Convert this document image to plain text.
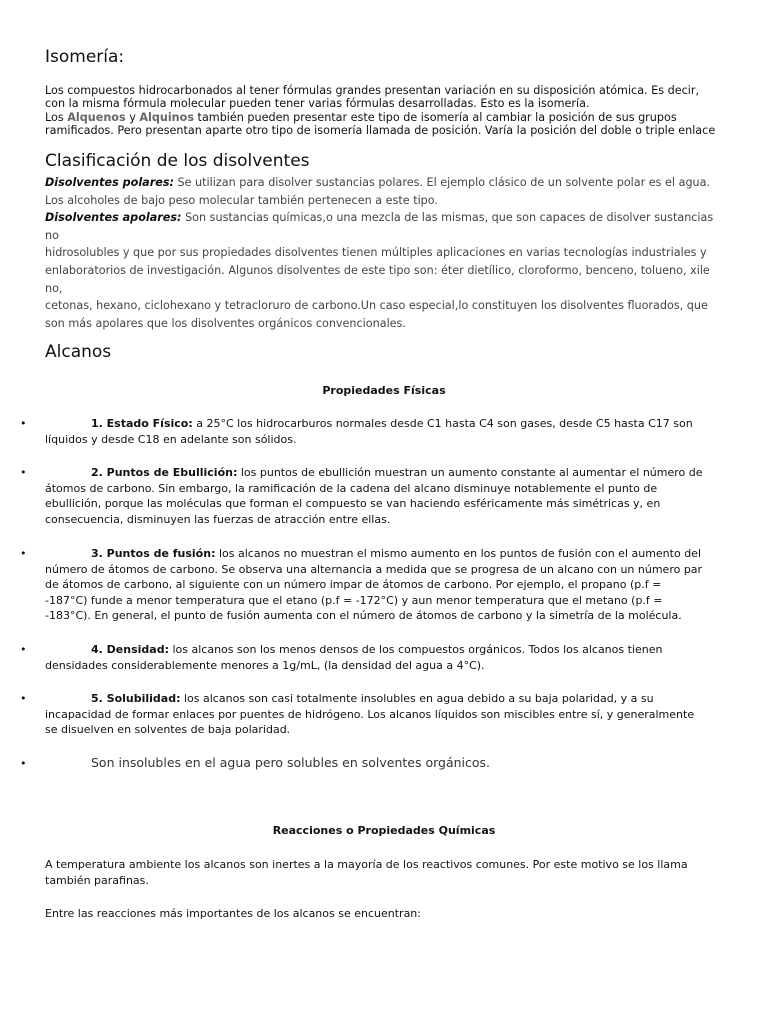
Isomería:
Los compuestos hidrocarbonados al tener fórmulas grandes presentan variación en su disposición atómica. Es decir,
con la misma fórmula molecular pueden tener varias fórmulas desarrolladas. Esto es la isomería.
Los Alquenos y Alquinos también pueden presentar este tipo de isomería al cambiar la posición de sus grupos
ramificados. Pero presentan aparte otro tipo de isomería llamada de posición. Varía la posición del doble o triple enlace
Clasificación de los disolventes
Disolventes polares: Se utilizan para disolver sustancias polares. El ejemplo clásico de un solvente polar es el agua.
Los alcoholes de bajo peso molecular también pertenecen a este tipo.
Disolventes apolares: Son sustancias químicas,o una mezcla de las mismas, que son capaces de disolver sustancias
no
hidrosolubles y que por sus propiedades disolventes tienen múltiples aplicaciones en varias tecnologías industriales y
enlaboratorios de investigación. Algunos disolventes de este tipo son: éter dietílico, cloroformo, benceno, tolueno, xile
no,
cetonas, hexano, ciclohexano y tetracloruro de carbono.Un caso especial,lo constituyen los disolventes fluorados, que
son más apolares que los disolventes orgánicos convencionales.
Alcanos
Propiedades Físicas
•	1. Estado Físico: a 25°C los hidrocarburos normales desde C1 hasta C4 son gases, desde C5 hasta C17 son
líquidos y desde C18 en adelante son sólidos.
•	2. Puntos de Ebullición: los puntos de ebullición muestran un aumento constante al aumentar el número de
átomos de carbono. Sin embargo, la ramificación de la cadena del alcano disminuye notablemente el punto de
ebullición, porque las moléculas que forman el compuesto se van haciendo esféricamente más simétricas y, en
consecuencia, disminuyen las fuerzas de atracción entre ellas.
•	3. Puntos de fusión: los alcanos no muestran el mismo aumento en los puntos de fusión con el aumento del
número de átomos de carbono. Se observa una alternancia a medida que se progresa de un alcano con un número par
de átomos de carbono, al siguiente con un número impar de átomos de carbono. Por ejemplo, el propano (p.f =
-187°C) funde a menor temperatura que el etano (p.f = -172°C) y aun menor temperatura que el metano (p.f =
-183°C). En general, el punto de fusión aumenta con el número de átomos de carbono y la simetría de la molécula.
•	4. Densidad: los alcanos son los menos densos de los compuestos orgánicos. Todos los alcanos tienen
densidades considerablemente menores a 1g/mL, (la densidad del agua a 4°C).
•	5. Solubilidad: los alcanos son casi totalmente insolubles en agua debido a su baja polaridad, y a su
incapacidad de formar enlaces por puentes de hidrógeno. Los alcanos líquidos son miscibles entre sí, y generalmente
se disuelven en solventes de baja polaridad.
•	Son insolubles en el agua pero solubles en solventes orgánicos.
Reacciones o Propiedades Químicas
A temperatura ambiente los alcanos son inertes a la mayoría de los reactivos comunes. Por este motivo se los llama
también parafinas.
Entre las reacciones más importantes de los alcanos se encuentran:
